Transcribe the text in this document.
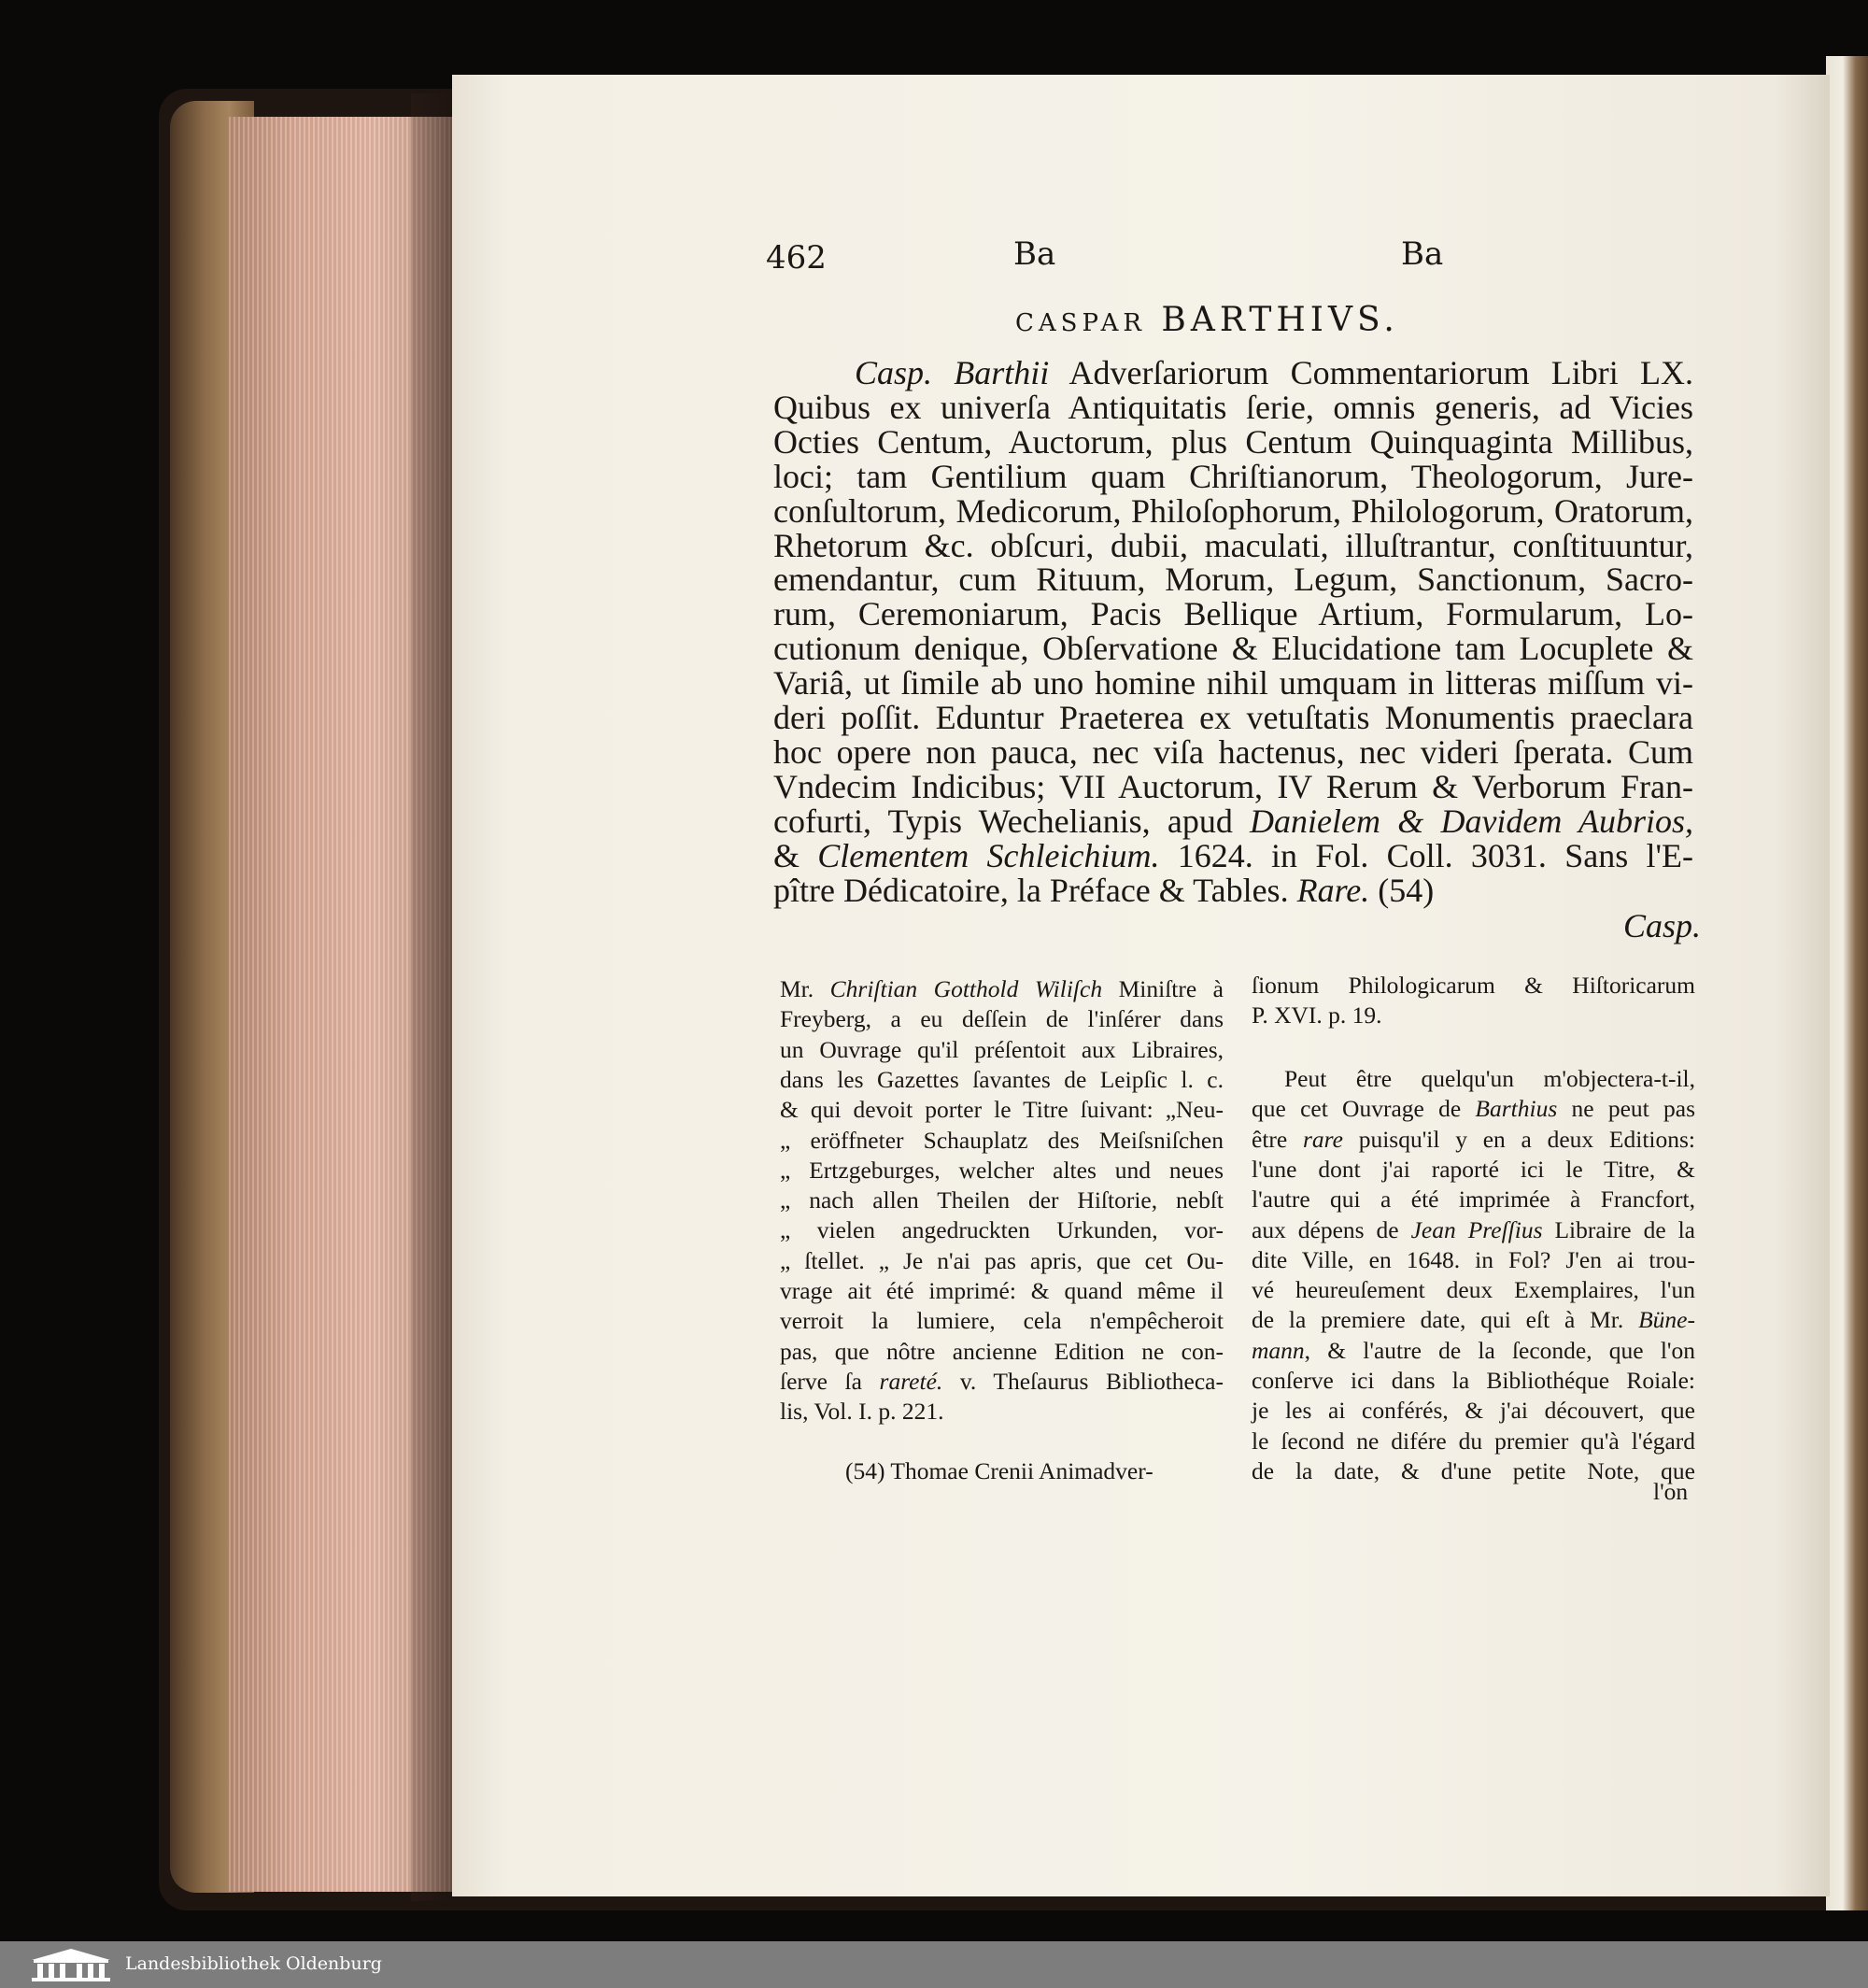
462	Ba	Ba
CASPAR BARTHIVS.
Casp. Barthii Adverſariorum Commentariorum Libri LX.
Quibus ex univerſa Antiquitatis ſerie, omnis generis, ad Vicies
Octies Centum, Auctorum, plus Centum Quinquaginta Millibus,
loci; tam Gentilium quam Chriſtianorum, Theologorum, Jure-
conſultorum, Medicorum, Philoſophorum, Philologorum, Oratorum,
Rhetorum &c. obſcuri, dubii, maculati, illuſtrantur, conſtituuntur,
emendantur, cum Rituum, Morum, Legum, Sanctionum, Sacro-
rum, Ceremoniarum, Pacis Bellique Artium, Formularum, Lo-
cutionum denique, Obſervatione & Elucidatione tam Locuplete &
Variâ, ut ſimile ab uno homine nihil umquam in litteras miſſum vi-
deri poſſit. Eduntur Praeterea ex vetuſtatis Monumentis praeclara
hoc opere non pauca, nec viſa hactenus, nec videri ſperata. Cum
Vndecim Indicibus; VII Auctorum, IV Rerum & Verborum Fran-
cofurti, Typis Wechelianis, apud Danielem & Davidem Aubrios,
& Clementem Schleichium. 1624. in Fol. Coll. 3031. Sans l'E-
pître Dédicatoire, la Préface & Tables. Rare. (54)
Casp.
Mr. Chriſtian Gotthold Wiliſch Miniſtre à
Freyberg, a eu deſſein de l'inſérer dans
un Ouvrage qu'il préſentoit aux Libraires,
dans les Gazettes ſavantes de Leipſic l. c.
& qui devoit porter le Titre ſuivant: „Neu-
„ eröffneter Schauplatz des Meiſsniſchen
„ Ertzgeburges, welcher altes und neues
„ nach allen Theilen der Hiſtorie, nebſt
„ vielen angedruckten Urkunden, vor-
„ ſtellet. „ Je n'ai pas apris, que cet Ou-
vrage ait été imprimé: & quand même il
verroit la lumiere, cela n'empêcheroit
pas, que nôtre ancienne Edition ne con-
ſerve ſa rareté. v. Theſaurus Bibliotheca-
lis, Vol. I. p. 221.
(54) Thomae Crenii Animadver-
ſionum Philologicarum & Hiſtoricarum
P. XVI. p. 19.
Peut être quelqu'un m'objectera-t-il,
que cet Ouvrage de Barthius ne peut pas
être rare puisqu'il y en a deux Editions:
l'une dont j'ai raporté ici le Titre, &
l'autre qui a été imprimée à Francfort,
aux dépens de Jean Preſſius Libraire de la
dite Ville, en 1648. in Fol? J'en ai trou-
vé heureuſement deux Exemplaires, l'un
de la premiere date, qui eſt à Mr. Büne-
mann, & l'autre de la ſeconde, que l'on
conſerve ici dans la Bibliothéque Roiale:
je les ai conférés, & j'ai découvert, que
le ſecond ne difére du premier qu'à l'égard
de la date, & d'une petite Note, que
l'on
Landesbibliothek Oldenburg
